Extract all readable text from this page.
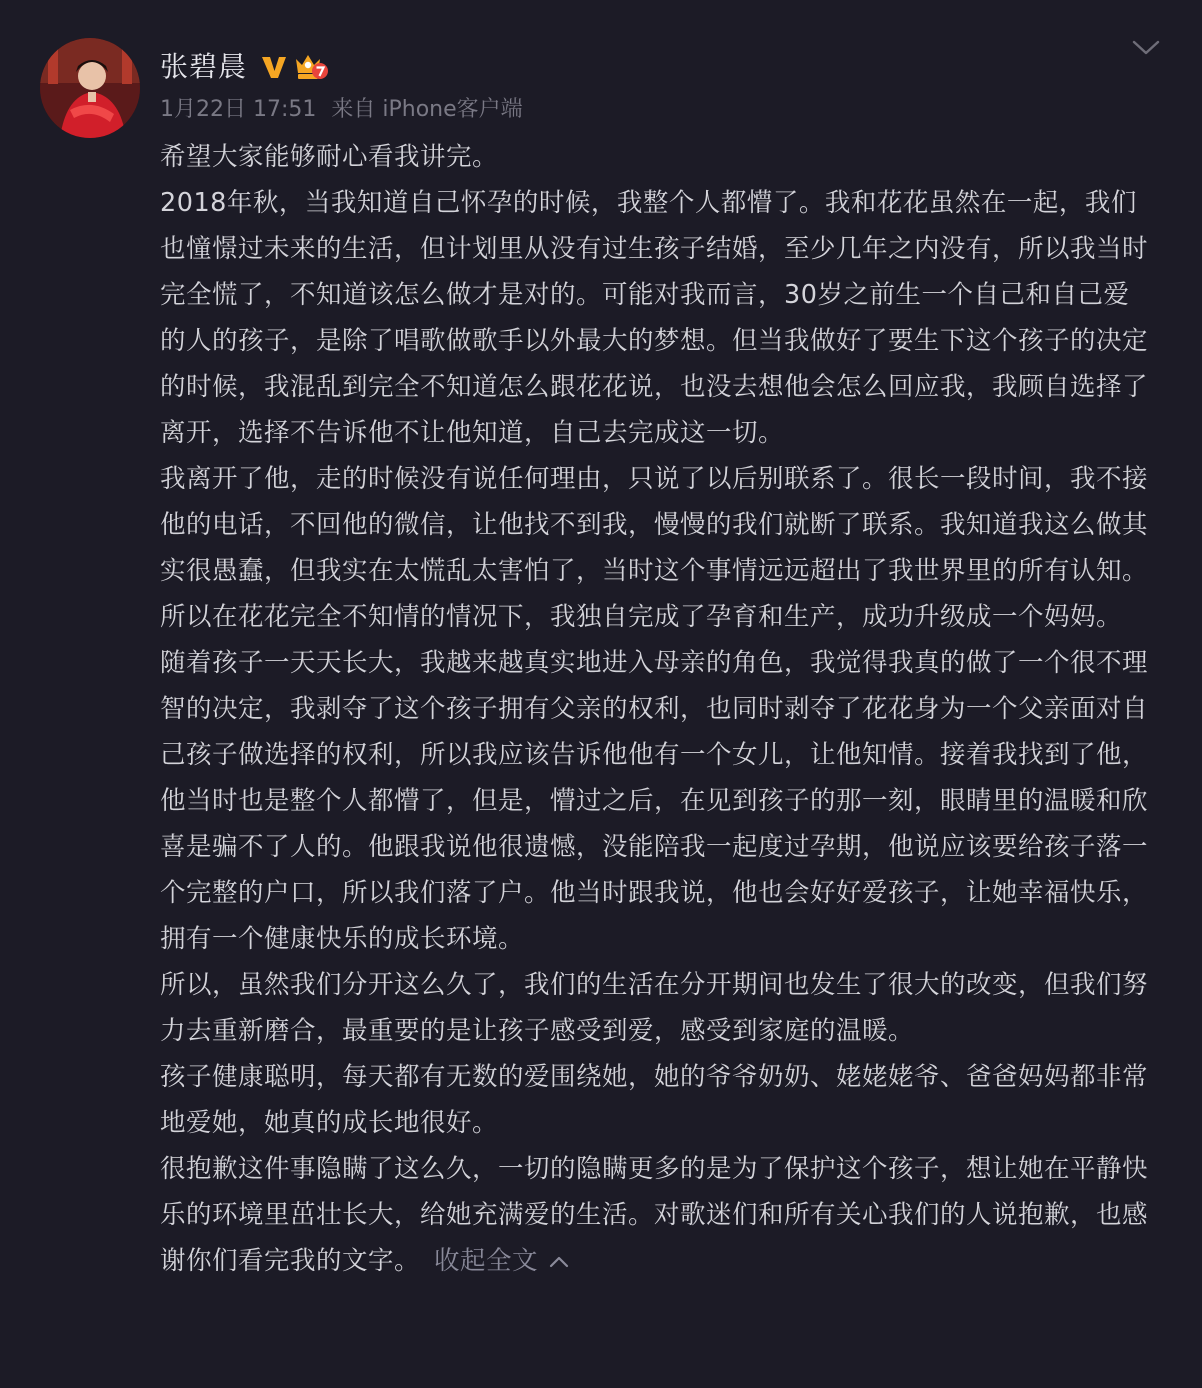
张碧晨
1月22日 17:51 来自 iPhone客户端

希望大家能够耐心看我讲完。

2018年秋，当我知道自己怀孕的时候，我整个人都懵了。我和花花虽然在一起，我们也憧憬过未来的生活，但计划里从没有过生孩子结婚，至少几年之内没有，所以我当时完全慌了，不知道该怎么做才是对的。可能对我而言，30岁之前生一个自己和自己爱的人的孩子，是除了唱歌做歌手以外最大的梦想。但当我做好了要生下这个孩子的决定的时候，我混乱到完全不知道怎么跟花花说，也没去想他会怎么回应我，我顾自选择了离开，选择不告诉他不让他知道，自己去完成这一切。

我离开了他，走的时候没有说任何理由，只说了以后别联系了。很长一段时间，我不接他的电话，不回他的微信，让他找不到我，慢慢的我们就断了联系。我知道我这么做其实很愚蠢，但我实在太慌乱太害怕了，当时这个事情远远超出了我世界里的所有认知。所以在花花完全不知情的情况下，我独自完成了孕育和生产，成功升级成一个妈妈。

随着孩子一天天长大，我越来越真实地进入母亲的角色，我觉得我真的做了一个很不理智的决定，我剥夺了这个孩子拥有父亲的权利，也同时剥夺了花花身为一个父亲面对自己孩子做选择的权利，所以我应该告诉他他有一个女儿，让他知情。接着我找到了他，他当时也是整个人都懵了，但是，懵过之后，在见到孩子的那一刻，眼睛里的温暖和欣喜是骗不了人的。他跟我说他很遗憾，没能陪我一起度过孕期，他说应该要给孩子落一个完整的户口，所以我们落了户。他当时跟我说，他也会好好爱孩子，让她幸福快乐，拥有一个健康快乐的成长环境。

所以，虽然我们分开这么久了，我们的生活在分开期间也发生了很大的改变，但我们努力去重新磨合，最重要的是让孩子感受到爱，感受到家庭的温暖。

孩子健康聪明，每天都有无数的爱围绕她，她的爷爷奶奶、姥姥姥爷、爸爸妈妈都非常地爱她，她真的成长地很好。

很抱歉这件事隐瞒了这么久，一切的隐瞒更多的是为了保护这个孩子，想让她在平静快乐的环境里茁壮长大，给她充满爱的生活。对歌迷们和所有关心我们的人说抱歉，也感谢你们看完我的文字。 收起全文
